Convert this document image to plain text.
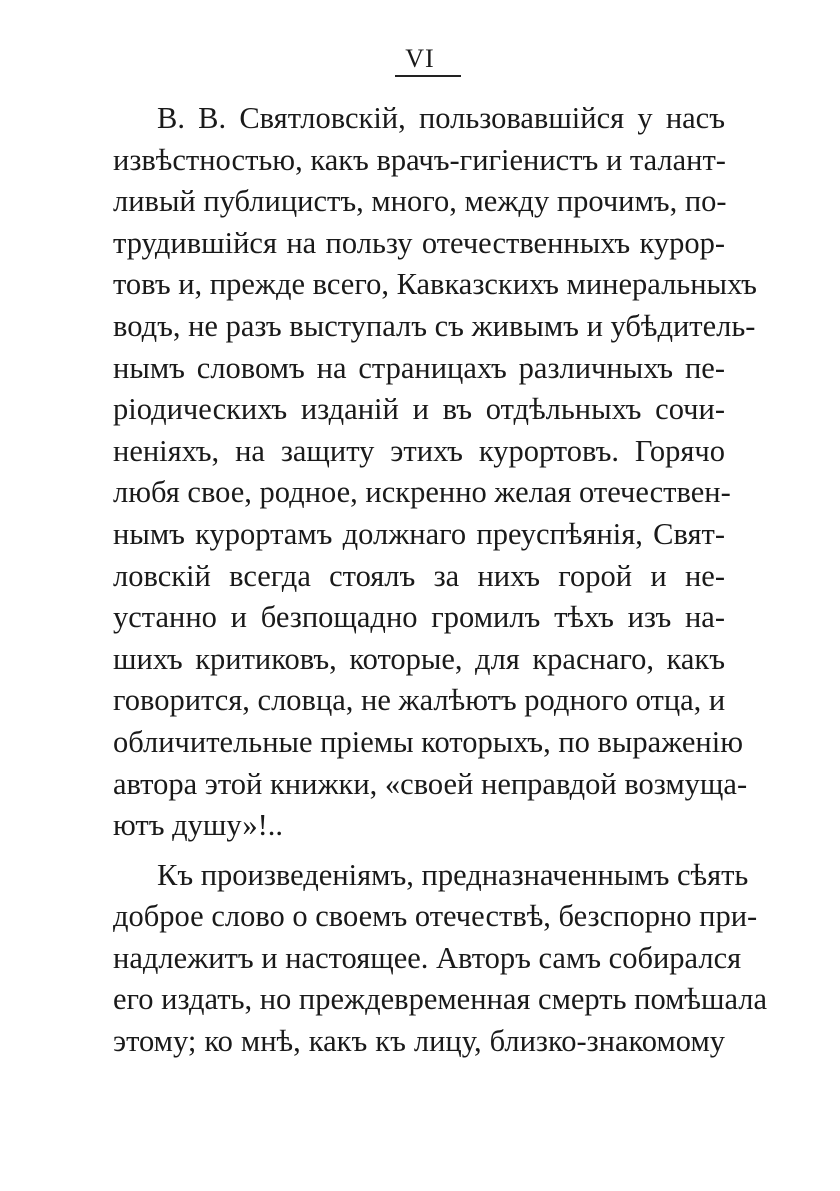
VI
В. В. Святловскій, пользовавшійся у насъ
извѣстностью, какъ врачъ-гигіенистъ и талант-
ливый публицистъ, много, между прочимъ, по-
трудившійся на пользу отечественныхъ курор-
товъ и, прежде всего, Кавказскихъ минеральныхъ
водъ, не разъ выступалъ съ живымъ и убѣдитель-
нымъ словомъ на страницахъ различныхъ пе-
ріодическихъ изданій и въ отдѣльныхъ сочи-
неніяхъ, на защиту этихъ курортовъ. Горячо
любя свое, родное, искренно желая отечествен-
нымъ курортамъ должнаго преуспѣянія, Свят-
ловскій всегда стоялъ за нихъ горой и не-
устанно и безпощадно громилъ тѣхъ изъ на-
шихъ критиковъ, которые, для краснаго, какъ
говорится, словца, не жалѣютъ родного отца, и
обличительные пріемы которыхъ, по выраженію
автора этой книжки, «своей неправдой возмуща-
ютъ душу»!..
Къ произведеніямъ, предназначеннымъ сѣять
доброе слово о своемъ отечествѣ, безспорно при-
надлежитъ и настоящее. Авторъ самъ собирался
его издать, но преждевременная смерть помѣшала
этому; ко мнѣ, какъ къ лицу, близко-знакомому
